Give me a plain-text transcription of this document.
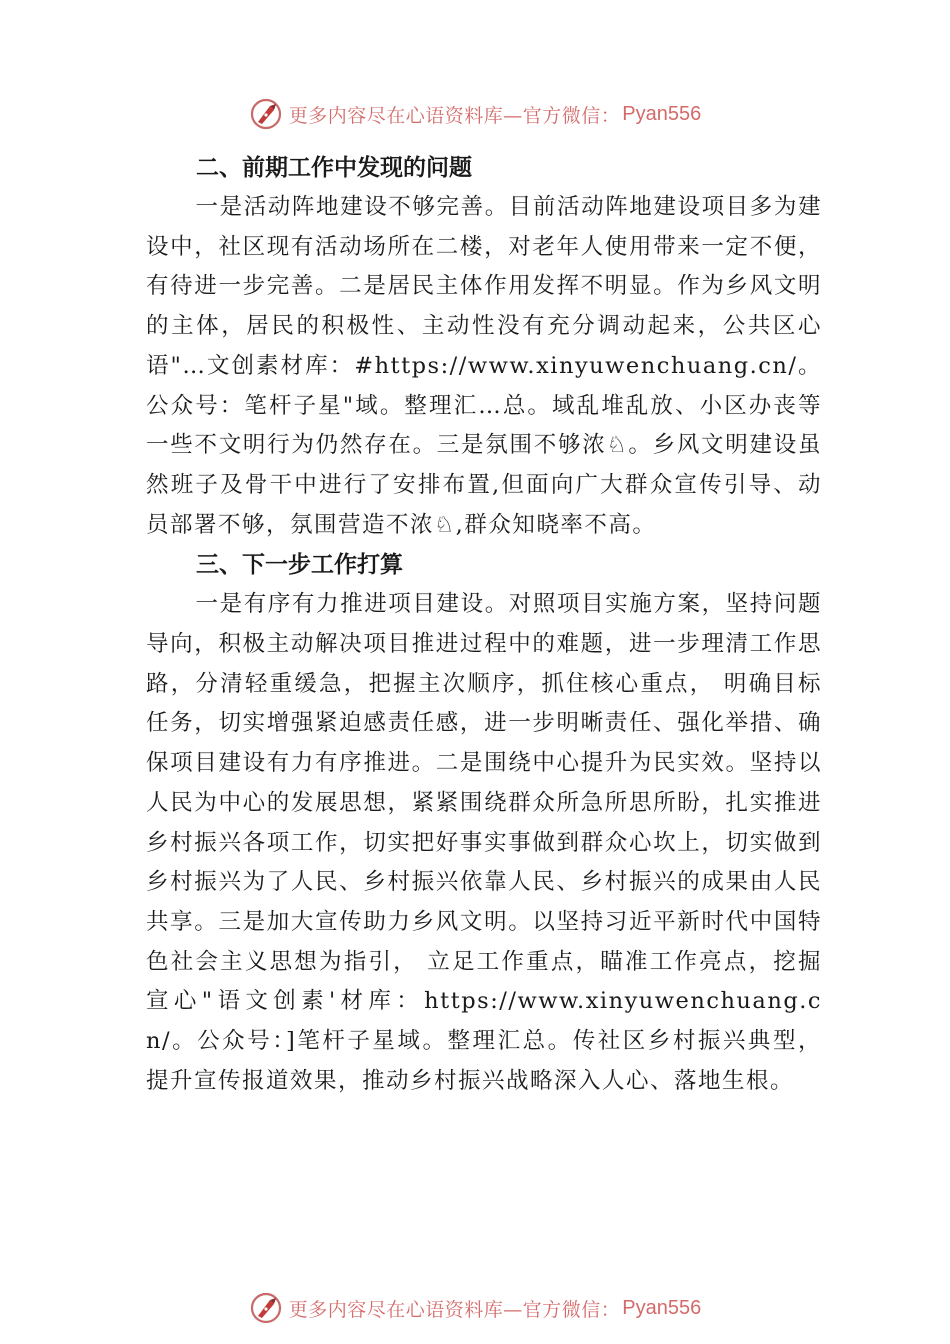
更多内容尽在心语资料库—官方微信： Pyan556
二、前期工作中发现的问题

一是活动阵地建设不够完善。目前活动阵地建设项目多为建设中，社区现有活动场所在二楼，对老年人使用带来一定不便，有待进一步完善。二是居民主体作用发挥不明显。作为乡风文明的主体，居民的积极性、主动性没有充分调动起来，公共区心语"…文创素材库：#https://www.xinyuwenchuang.cn/。公众号：笔杆子星"域。整理汇…总。域乱堆乱放、小区办丧等一些不文明行为仍然存在。三是氛围不够浓♘。乡风文明建设虽然班子及骨干中进行了安排布置,但面向广大群众宣传引导、动员部署不够，氛围营造不浓♘,群众知晓率不高。

三、下一步工作打算

一是有序有力推进项目建设。对照项目实施方案，坚持问题导向，积极主动解决项目推进过程中的难题，进一步理清工作思路，分清轻重缓急，把握主次顺序，抓住核心重点， 明确目标任务，切实增强紧迫感责任感，进一步明晰责任、强化举措、确保项目建设有力有序推进。二是围绕中心提升为民实效。坚持以人民为中心的发展思想，紧紧围绕群众所急所思所盼，扎实推进乡村振兴各项工作，切实把好事实事做到群众心坎上，切实做到乡村振兴为了人民、乡村振兴依靠人民、乡村振兴的成果由人民共享。三是加大宣传助力乡风文明。以坚持习近平新时代中国特色社会主义思想为指引， 立足工作重点，瞄准工作亮点，挖掘宣心"语文创素'材库：https://www.xinyuwenchuang.cn/。公众号：]笔杆子星域。整理汇总。传社区乡村振兴典型， 提升宣传报道效果，推动乡村振兴战略深入人心、落地生根。

更多内容尽在心语资料库—官方微信： Pyan556
